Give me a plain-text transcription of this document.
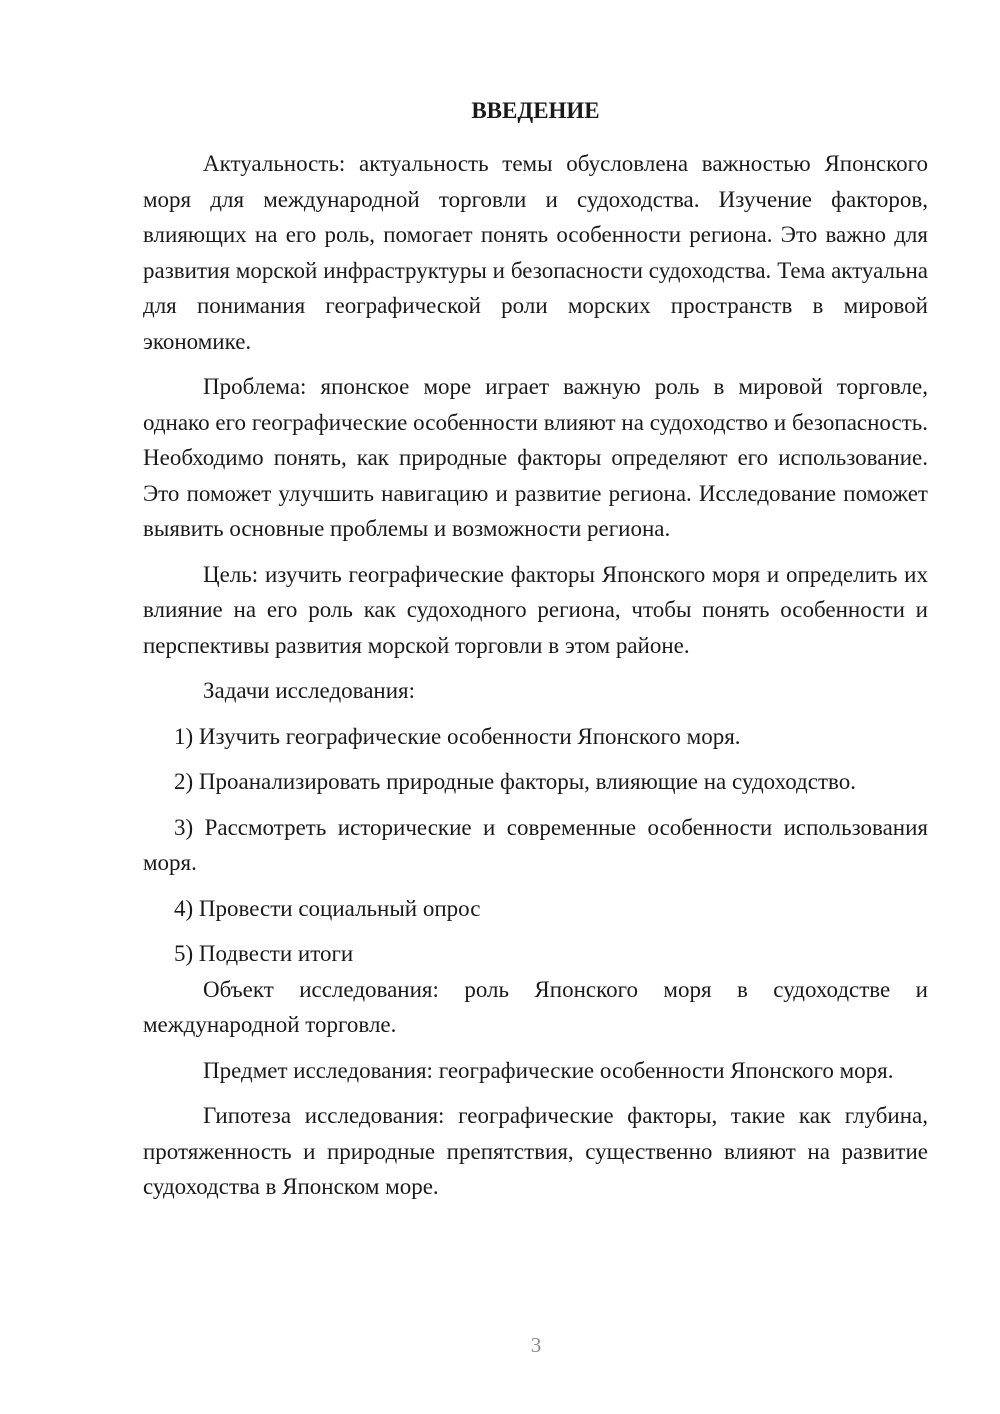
ВВЕДЕНИЕ

Актуальность: актуальность темы обусловлена важностью Японского моря для международной торговли и судоходства. Изучение факторов, влияющих на его роль, помогает понять особенности региона. Это важно для развития морской инфраструктуры и безопасности судоходства. Тема актуальна для понимания географической роли морских пространств в мировой экономике.

Проблема: японское море играет важную роль в мировой торговле, однако его географические особенности влияют на судоходство и безопасность. Необходимо понять, как природные факторы определяют его использование. Это поможет улучшить навигацию и развитие региона. Исследование поможет выявить основные проблемы и возможности региона.

Цель: изучить географические факторы Японского моря и определить их влияние на его роль как судоходного региона, чтобы понять особенности и перспективы развития морской торговли в этом районе.

Задачи исследования:

1) Изучить географические особенности Японского моря.
2) Проанализировать природные факторы, влияющие на судоходство.
3) Рассмотреть исторические и современные особенности использования моря.
4) Провести социальный опрос
5) Подвести итоги

Объект исследования: роль Японского моря в судоходстве и международной торговле.

Предмет исследования: географические особенности Японского моря.

Гипотеза исследования: географические факторы, такие как глубина, протяженность и природные препятствия, существенно влияют на развитие судоходства в Японском море.

3
